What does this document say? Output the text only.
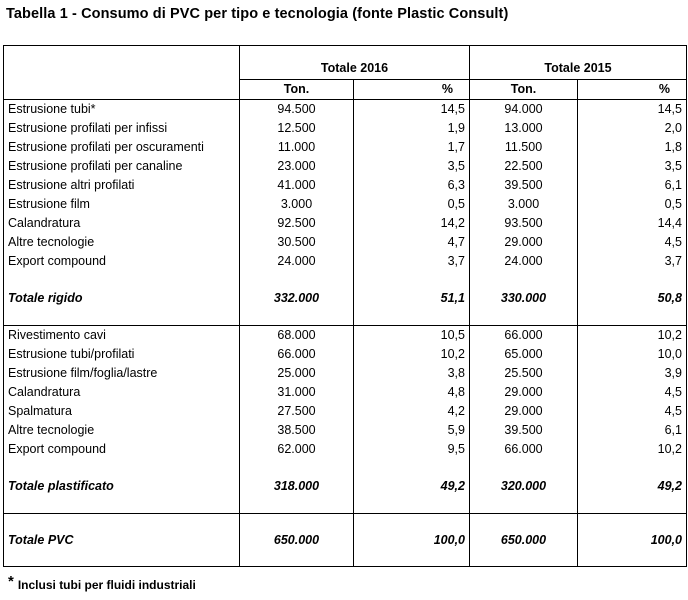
Tabella 1 - Consumo di PVC per tipo e tecnologia (fonte Plastic Consult)

	Totale 2016		Totale 2015	
	Ton.	%	Ton.	%
Estrusione tubi*	94.500	14,5	94.000	14,5
Estrusione profilati per infissi	12.500	1,9	13.000	2,0
Estrusione profilati per oscuramenti	11.000	1,7	11.500	1,8
Estrusione profilati per canaline	23.000	3,5	22.500	3,5
Estrusione altri profilati	41.000	6,3	39.500	6,1
Estrusione film	3.000	0,5	3.000	0,5
Calandratura	92.500	14,2	93.500	14,4
Altre tecnologie	30.500	4,7	29.000	4,5
Export compound	24.000	3,7	24.000	3,7
Totale rigido	332.000	51,1	330.000	50,8
Rivestimento cavi	68.000	10,5	66.000	10,2
Estrusione tubi/profilati	66.000	10,2	65.000	10,0
Estrusione film/foglia/lastre	25.000	3,8	25.500	3,9
Calandratura	31.000	4,8	29.000	4,5
Spalmatura	27.500	4,2	29.000	4,5
Altre tecnologie	38.500	5,9	39.500	6,1
Export compound	62.000	9,5	66.000	10,2
Totale plastificato	318.000	49,2	320.000	49,2
Totale PVC	650.000	100,0	650.000	100,0
* Inclusi tubi per fluidi industriali
